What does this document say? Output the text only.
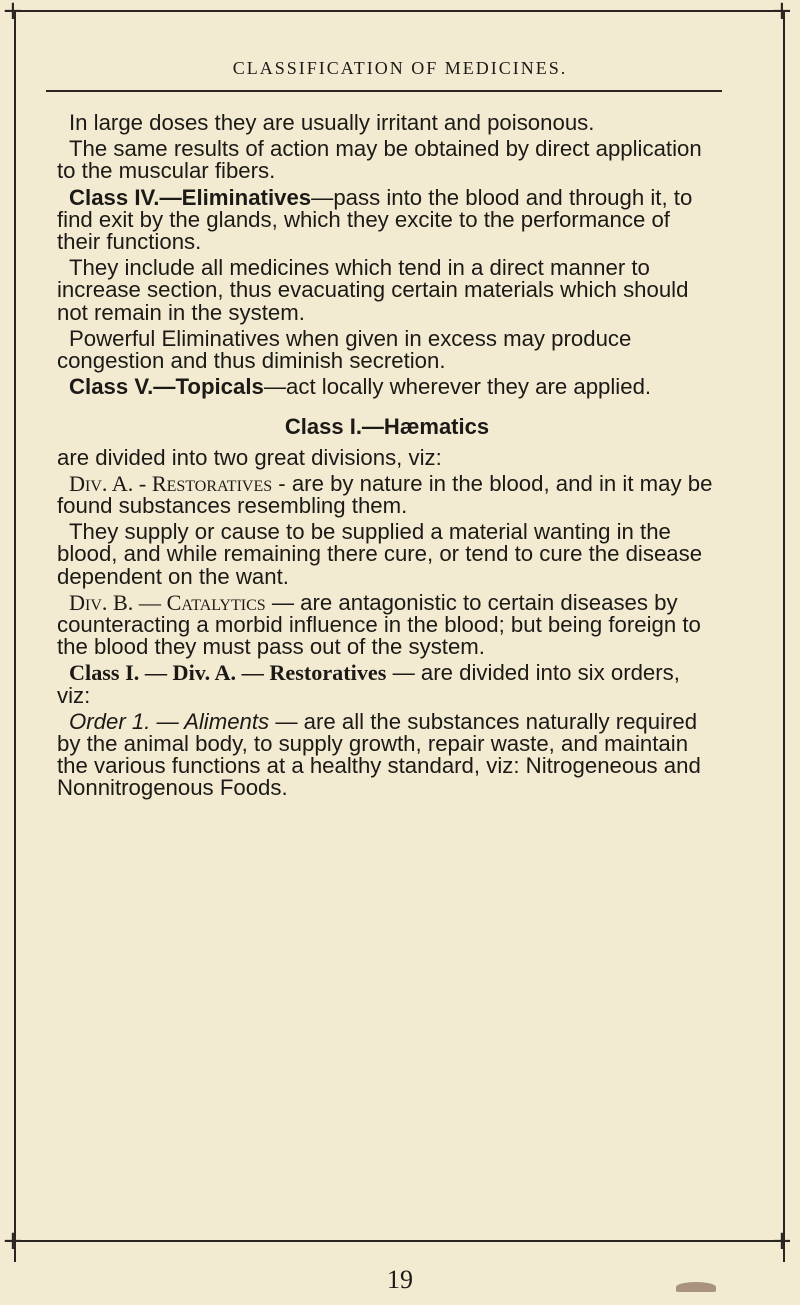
+	+
+	+
CLASSIFICATION OF MEDICINES.

In large doses they are usually irritant and poisonous.

The same results of action may be obtained by direct application to the muscular fibers.

Class IV.—Eliminatives—pass into the blood and through it, to find exit by the glands, which they excite to the performance of their functions.

They include all medicines which tend in a direct manner to increase section, thus evacuating certain materials which should not remain in the system.

Powerful Eliminatives when given in excess may produce congestion and thus diminish secretion.

Class V.—Topicals—act locally wherever they are applied.

Class I.—Hæmatics

are divided into two great divisions, viz:

Div. A. - Restoratives - are by nature in the blood, and in it may be found substances resembling them.

They supply or cause to be supplied a material wanting in the blood, and while remaining there cure, or tend to cure the disease dependent on the want.

Div. B. — Catalytics — are antagonistic to certain diseases by counteracting a morbid influence in the blood; but being foreign to the blood they must pass out of the system.

Class I. — Div. A. — Restoratives — are divided into six orders, viz:

Order 1. — Aliments — are all the substances naturally required by the animal body, to supply growth, repair waste, and maintain the various functions at a healthy standard, viz: Nitrogeneous and Nonnitrogenous Foods.

19
